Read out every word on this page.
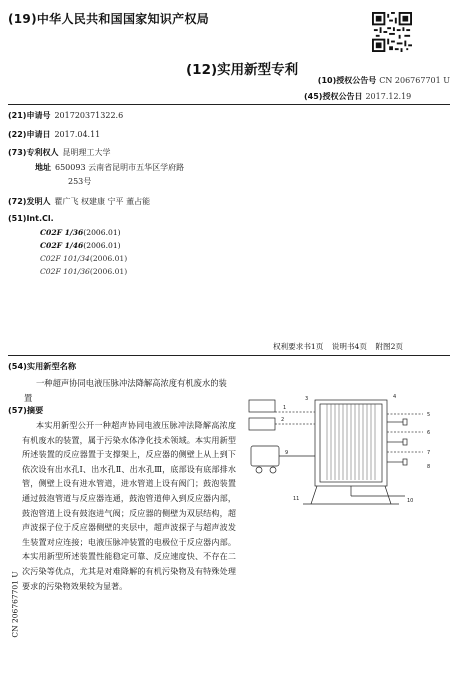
(19)中华人民共和国国家知识产权局
(12)实用新型专利
(10)授权公告号 CN 206767701 U
(45)授权公告日 2017.12.19
(21)申请号 201720371322.6
(22)申请日 2017.04.11
(73)专利权人 昆明理工大学
地址 650093 云南省昆明市五华区学府路
253号
(72)发明人 瞿广飞 权建康 宁平 董占能
(51)Int.Cl.
C02F 1/36(2006.01)
C02F 1/46(2006.01)
C02F 101/34(2006.01)
C02F 101/36(2006.01)
权利要求书1页 说明书4页 附图2页
(54)实用新型名称
一种超声协同电液压脉冲法降解高浓度有机废水的装置
(57)摘要
本实用新型公开一种超声协同电液压脉冲法降解高浓度有机废水的装置，属于污染水体净化技术领域。本实用新型所述装置的反应器置于支撑架上，反应器的侧壁上从上到下依次设有出水孔Ⅰ、出水孔Ⅱ、出水孔Ⅲ，底部设有底部排水管，侧壁上设有进水管道，进水管道上设有阀门；鼓泡装置通过鼓泡管道与反应器连通，鼓泡管道伸入到反应器内部，鼓泡管道上设有鼓泡进气阀；反应器的侧壁为双层结构，超声波探子位于反应器侧壁的夹层中，超声波探子与超声波发生装置对应连接；电液压脉冲装置的电极位于反应器内部。本实用新型所述装置性能稳定可靠、反应速度快、不存在二次污染等优点，尤其是对难降解的有机污染物及有特殊处理要求的污染物效果较为显著。
1
2
3	4
5
6
7
8
9
10
11
CN 206767701 U
